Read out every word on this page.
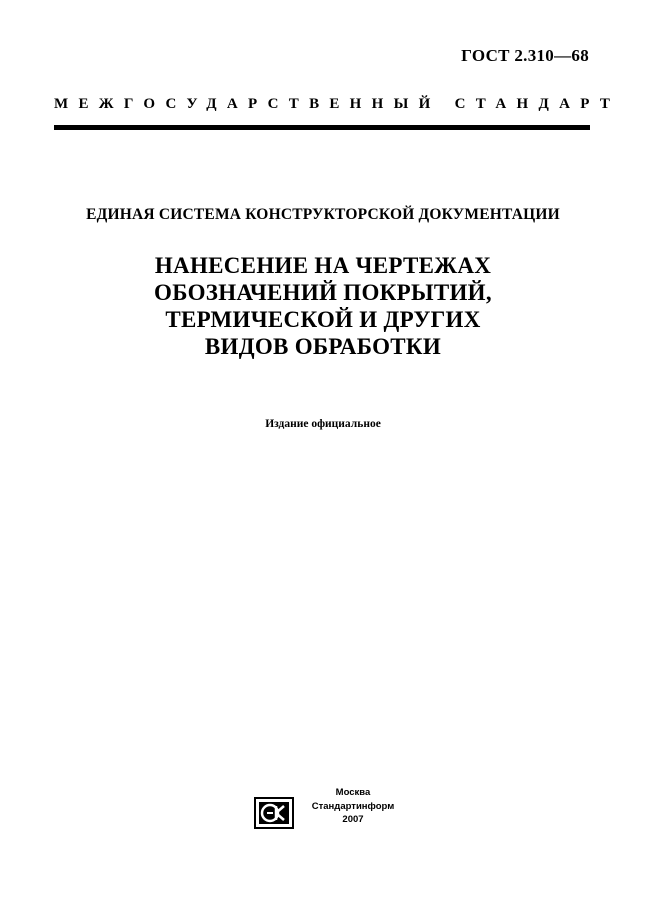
ГОСТ 2.310—68
МЕЖГОСУДАРСТВЕННЫЙ СТАНДАРТ
ЕДИНАЯ СИСТЕМА КОНСТРУКТОРСКОЙ ДОКУМЕНТАЦИИ
НАНЕСЕНИЕ НА ЧЕРТЕЖАХ
ОБОЗНАЧЕНИЙ ПОКРЫТИЙ,
ТЕРМИЧЕСКОЙ И ДРУГИХ
ВИДОВ ОБРАБОТКИ
Издание официальное
Москва
Стандартинформ
2007
